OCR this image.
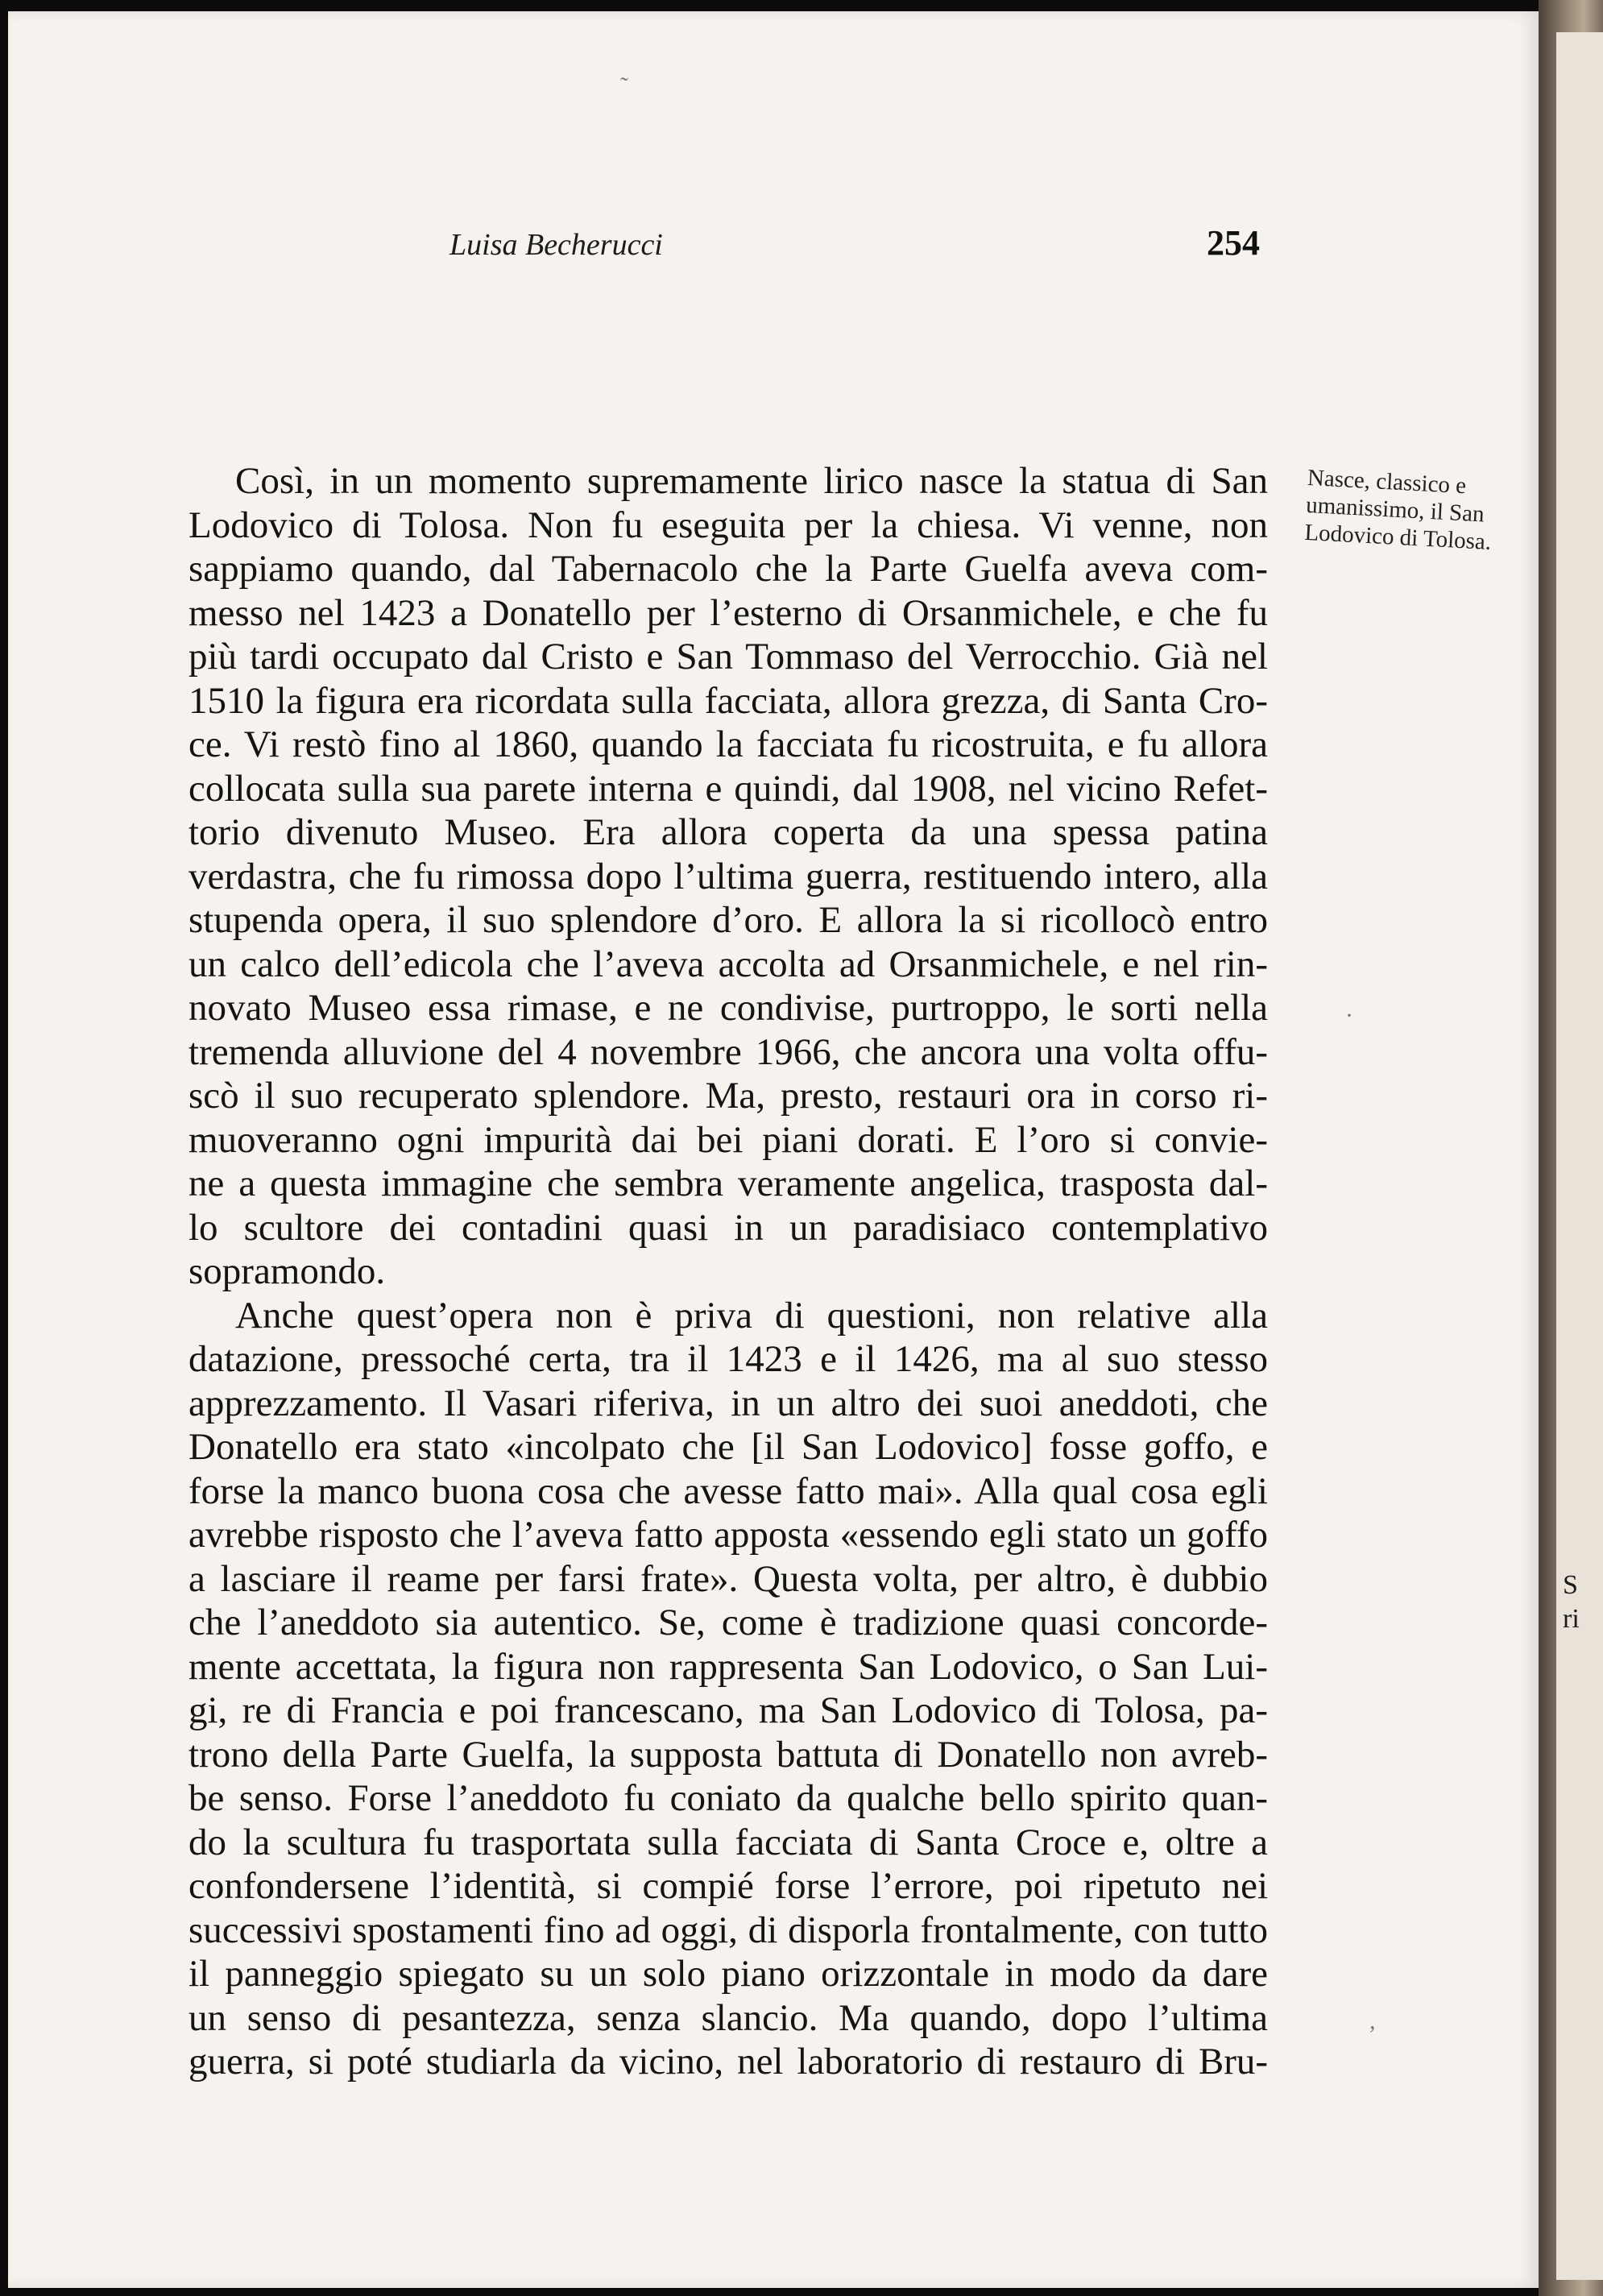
S
ri
˜
·
,
Luisa Becherucci	254
Nasce, classico e
umanissimo, il San
Lodovico di Tolosa.
Così, in un momento supremamente lirico nasce la statua di San
Lodovico di Tolosa. Non fu eseguita per la chiesa. Vi venne, non
sappiamo quando, dal Tabernacolo che la Parte Guelfa aveva com-
messo nel 1423 a Donatello per l’esterno di Orsanmichele, e che fu
più tardi occupato dal Cristo e San Tommaso del Verrocchio. Già nel
1510 la figura era ricordata sulla facciata, allora grezza, di Santa Cro-
ce. Vi restò fino al 1860, quando la facciata fu ricostruita, e fu allora
collocata sulla sua parete interna e quindi, dal 1908, nel vicino Refet-
torio divenuto Museo. Era allora coperta da una spessa patina
verdastra, che fu rimossa dopo l’ultima guerra, restituendo intero, alla
stupenda opera, il suo splendore d’oro. E allora la si ricollocò entro
un calco dell’edicola che l’aveva accolta ad Orsanmichele, e nel rin-
novato Museo essa rimase, e ne condivise, purtroppo, le sorti nella
tremenda alluvione del 4 novembre 1966, che ancora una volta offu-
scò il suo recuperato splendore. Ma, presto, restauri ora in corso ri-
muoveranno ogni impurità dai bei piani dorati. E l’oro si convie-
ne a questa immagine che sembra veramente angelica, trasposta dal-
lo scultore dei contadini quasi in un paradisiaco contemplativo
sopramondo.
Anche quest’opera non è priva di questioni, non relative alla
datazione, pressoché certa, tra il 1423 e il 1426, ma al suo stesso
apprezzamento. Il Vasari riferiva, in un altro dei suoi aneddoti, che
Donatello era stato «incolpato che [il San Lodovico] fosse goffo, e
forse la manco buona cosa che avesse fatto mai». Alla qual cosa egli
avrebbe risposto che l’aveva fatto apposta «essendo egli stato un goffo
a lasciare il reame per farsi frate». Questa volta, per altro, è dubbio
che l’aneddoto sia autentico. Se, come è tradizione quasi concorde-
mente accettata, la figura non rappresenta San Lodovico, o San Lui-
gi, re di Francia e poi francescano, ma San Lodovico di Tolosa, pa-
trono della Parte Guelfa, la supposta battuta di Donatello non avreb-
be senso. Forse l’aneddoto fu coniato da qualche bello spirito quan-
do la scultura fu trasportata sulla facciata di Santa Croce e, oltre a
confondersene l’identità, si compié forse l’errore, poi ripetuto nei
successivi spostamenti fino ad oggi, di disporla frontalmente, con tutto
il panneggio spiegato su un solo piano orizzontale in modo da dare
un senso di pesantezza, senza slancio. Ma quando, dopo l’ultima
guerra, si poté studiarla da vicino, nel laboratorio di restauro di Bru-
